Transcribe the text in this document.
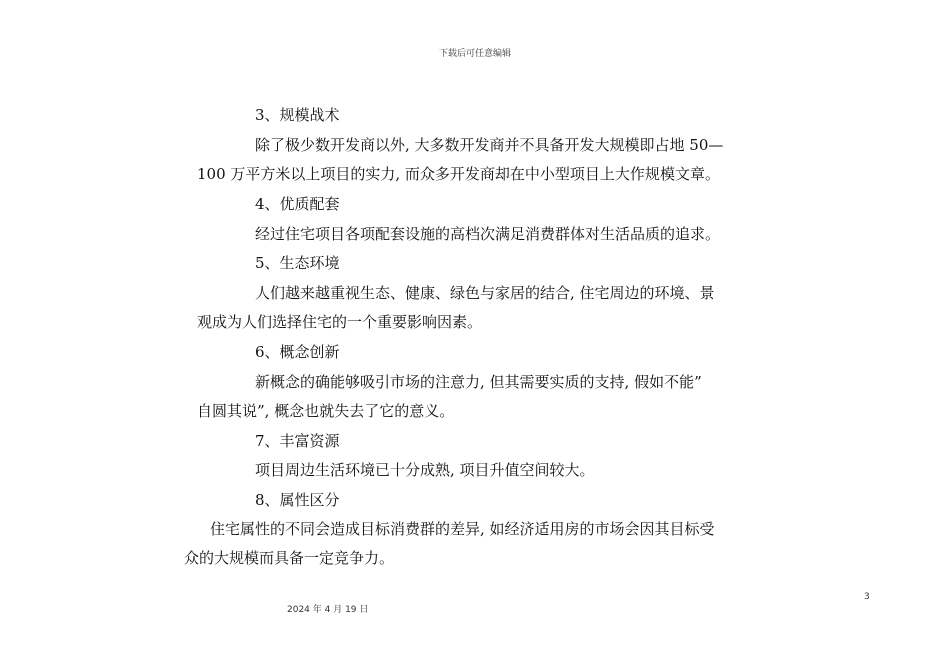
下载后可任意编辑
3、规模战术
除了极少数开发商以外, 大多数开发商并不具备开发大规模即占地 50—
100 万平方米以上项目的实力, 而众多开发商却在中小型项目上大作规模文章。
4、优质配套
经过住宅项目各项配套设施的高档次满足消费群体对生活品质的追求。
5、生态环境
人们越来越重视生态、健康、绿色与家居的结合, 住宅周边的环境、景
观成为人们选择住宅的一个重要影响因素。
6、概念创新
新概念的确能够吸引市场的注意力, 但其需要实质的支持, 假如不能”
自圆其说”, 概念也就失去了它的意义。
7、丰富资源
项目周边生活环境已十分成熟, 项目升值空间较大。
8、属性区分
住宅属性的不同会造成目标消费群的差异, 如经济适用房的市场会因其目标受
众的大规模而具备一定竞争力。
2024 年 4 月 19 日
3
